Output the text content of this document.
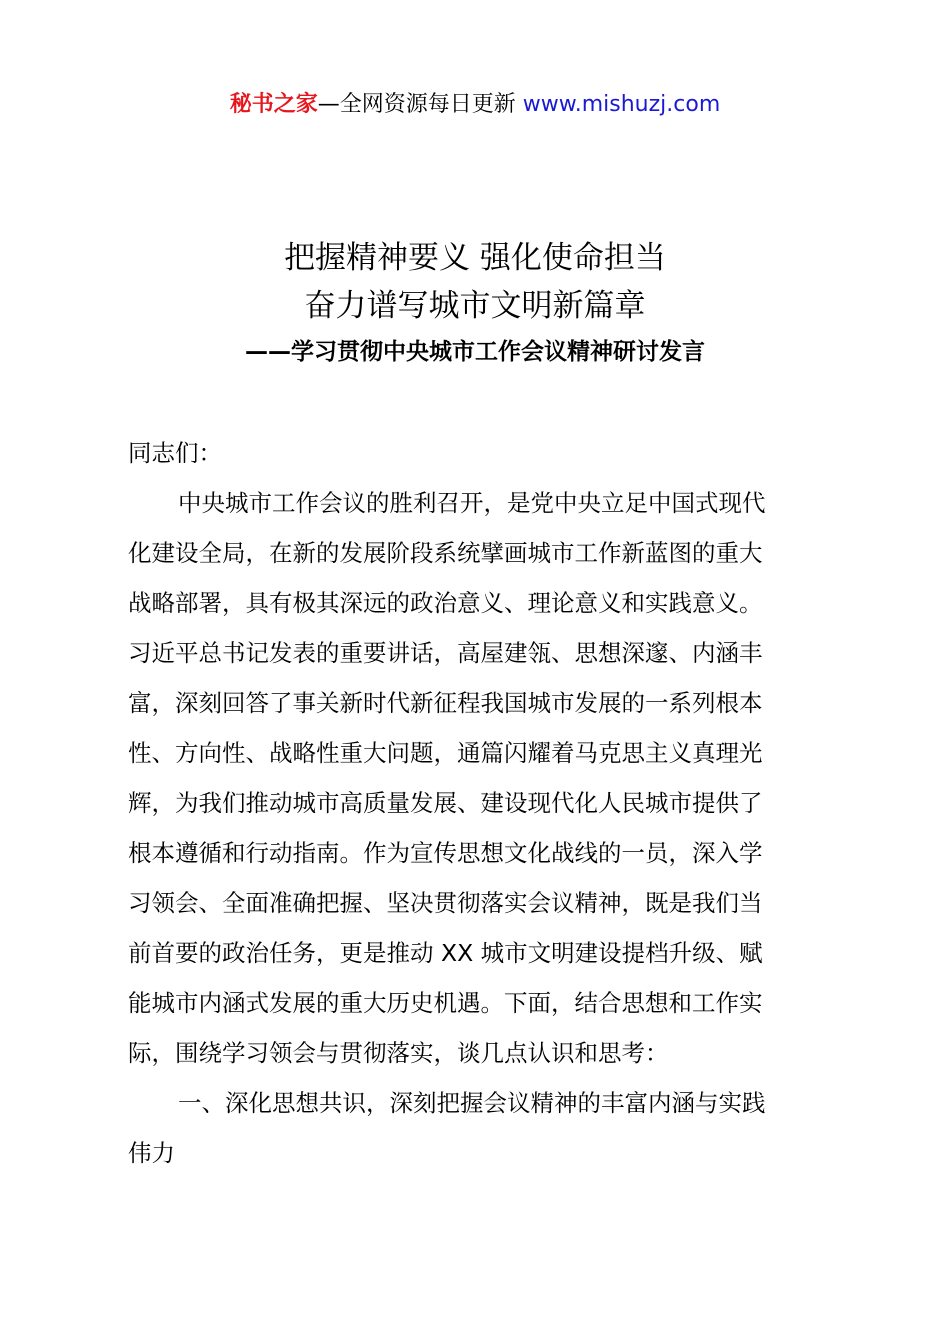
秘书之家—全网资源每日更新 www.mishuzj.com
把握精神要义 强化使命担当
奋力谱写城市文明新篇章
——学习贯彻中央城市工作会议精神研讨发言
同志们：
中央城市工作会议的胜利召开，是党中央立足中国式现代
化建设全局，在新的发展阶段系统擘画城市工作新蓝图的重大
战略部署，具有极其深远的政治意义、理论意义和实践意义。
习近平总书记发表的重要讲话，高屋建瓴、思想深邃、内涵丰
富，深刻回答了事关新时代新征程我国城市发展的一系列根本
性、方向性、战略性重大问题，通篇闪耀着马克思主义真理光
辉，为我们推动城市高质量发展、建设现代化人民城市提供了
根本遵循和行动指南。作为宣传思想文化战线的一员，深入学
习领会、全面准确把握、坚决贯彻落实会议精神，既是我们当
前首要的政治任务，更是推动 XX 城市文明建设提档升级、赋
能城市内涵式发展的重大历史机遇。下面，结合思想和工作实
际，围绕学习领会与贯彻落实，谈几点认识和思考：
一、深化思想共识，深刻把握会议精神的丰富内涵与实践
伟力
